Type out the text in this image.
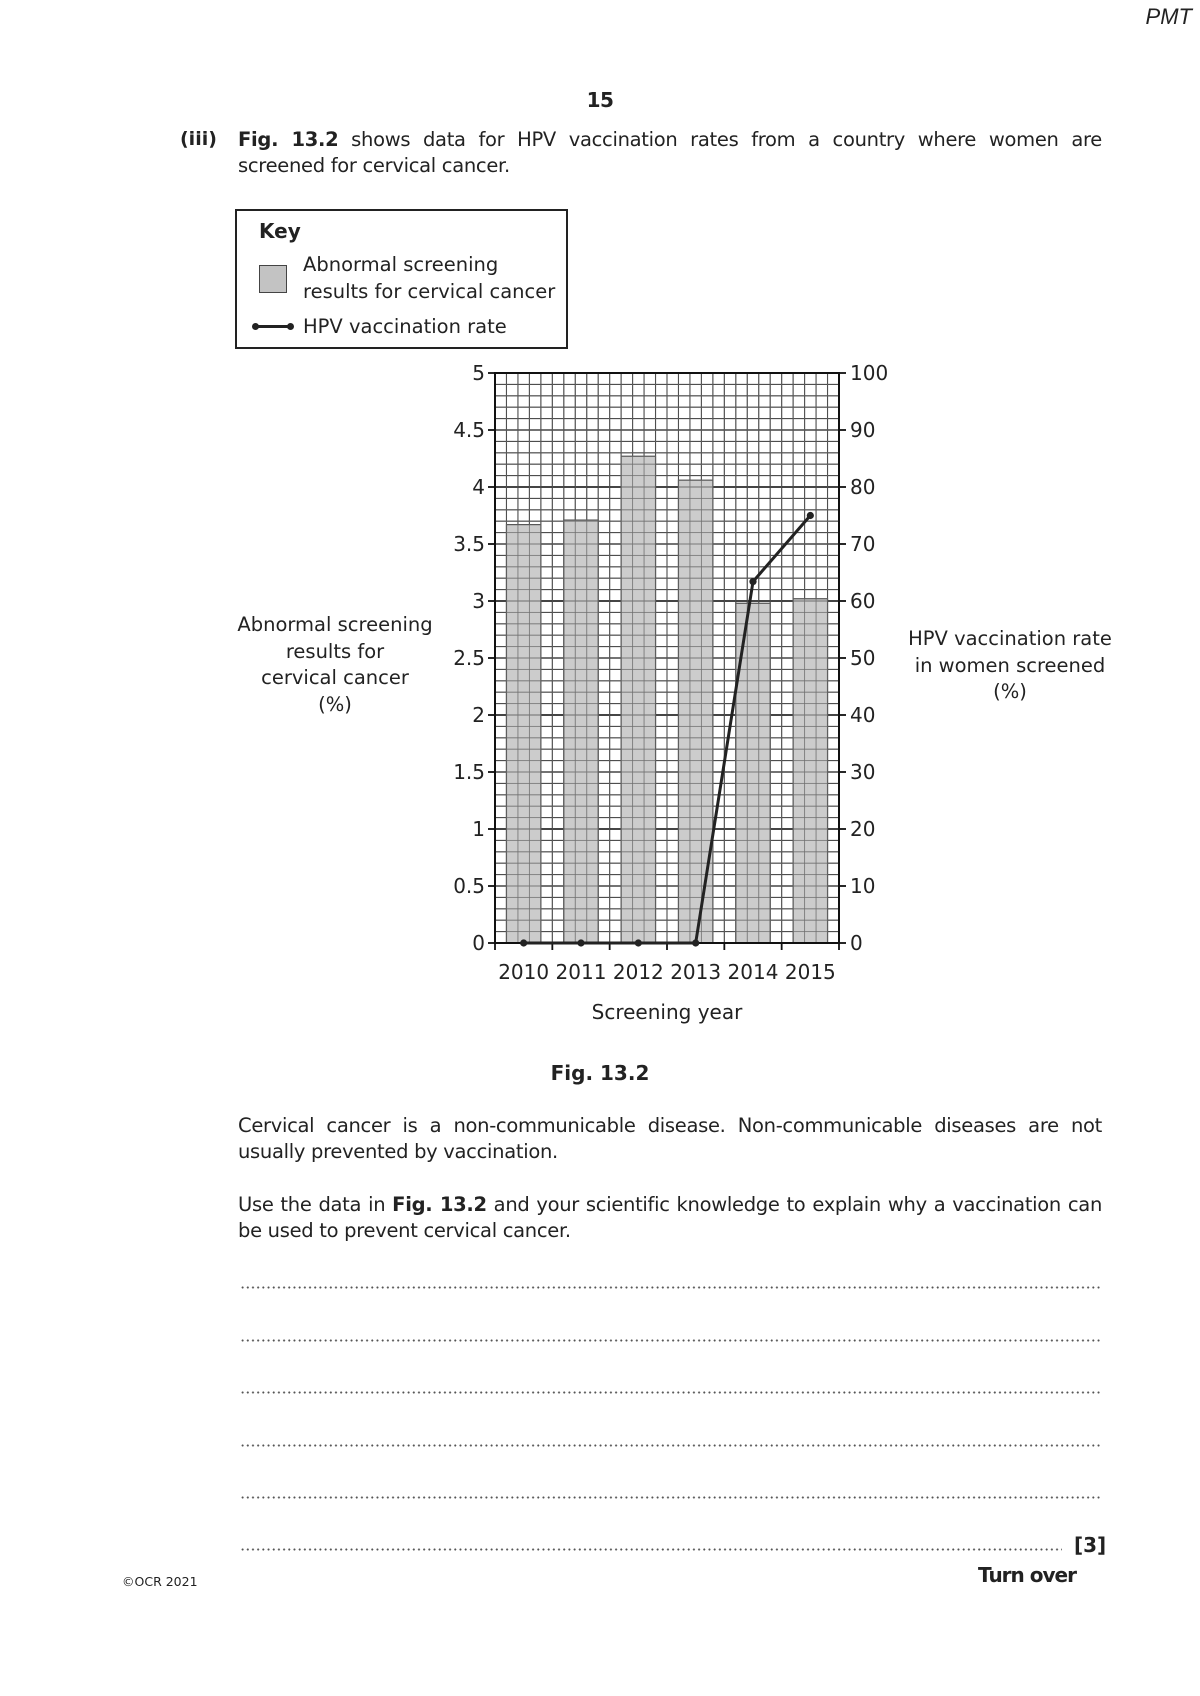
PMT
15
(iii) Fig. 13.2 shows data for HPV vaccination rates from a country where women are screened for cervical cancer.
Key
Abnormal screening
results for cervical cancer
HPV vaccination rate
Abnormal screening
results for
cervical cancer
(%)
HPV vaccination rate
in women screened
(%)
0	0
0.5	10
1	20
1.5	30
2	40
2.5	50
3	60
3.5	70
4	80
4.5	90
5	100
2010 2011 2012 2013 2014 2015
Screening year
Fig. 13.2
Cervical cancer is a non-communicable disease. Non-communicable diseases are not usually prevented by vaccination.
Use the data in Fig. 13.2 and your scientific knowledge to explain why a vaccination can be used to prevent cervical cancer.
[3]
©OCR 2021	Turn over
